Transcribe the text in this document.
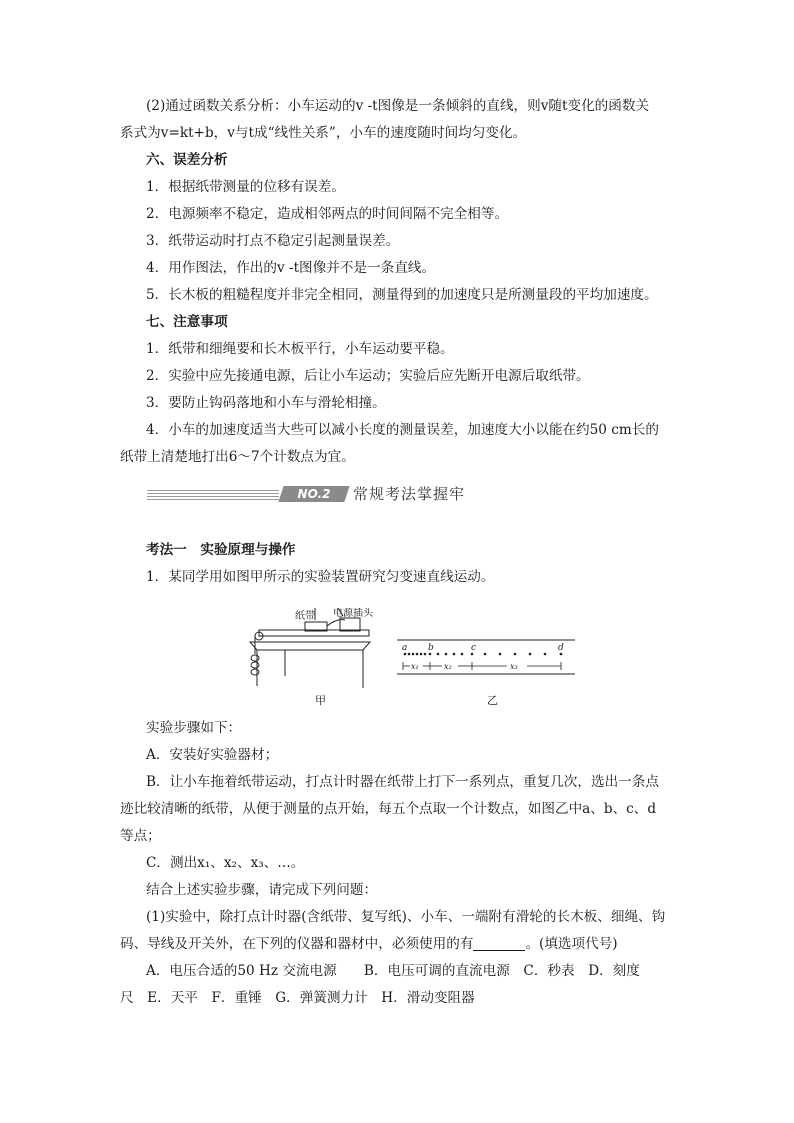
(2)通过函数关系分析：小车运动的v -t图像是一条倾斜的直线，则v随t变化的函数关
系式为v=kt+b，v与t成“线性关系”，小车的速度随时间均匀变化。
六、误差分析
1．根据纸带测量的位移有误差。
2．电源频率不稳定，造成相邻两点的时间间隔不完全相等。
3．纸带运动时打点不稳定引起测量误差。
4．用作图法，作出的v -t图像并不是一条直线。
5．长木板的粗糙程度并非完全相同，测量得到的加速度只是所测量段的平均加速度。
七、注意事项
1．纸带和细绳要和长木板平行，小车运动要平稳。
2．实验中应先接通电源，后让小车运动；实验后应先断开电源后取纸带。
3．要防止钩码落地和小车与滑轮相撞。
4．小车的加速度适当大些可以减小长度的测量误差，加速度大小以能在约50 cm长的
纸带上清楚地打出6～7个计数点为宜。
NO.2	常规考法掌握牢
考法一　实验原理与操作
1．某同学用如图甲所示的实验装置研究匀变速直线运动。
纸带 电源插头
a b	c	d
x₁	x₂	x₃
甲	乙
实验步骤如下：
A．安装好实验器材；
B．让小车拖着纸带运动，打点计时器在纸带上打下一系列点，重复几次，选出一条点
迹比较清晰的纸带，从便于测量的点开始，每五个点取一个计数点，如图乙中a、b、c、d
等点；
C．测出x₁、x₂、x₃、…。
结合上述实验步骤，请完成下列问题：
(1)实验中，除打点计时器(含纸带、复写纸)、小车、一端附有滑轮的长木板、细绳、钩
码、导线及开关外，在下列的仪器和器材中，必须使用的有	。(填选项代号)
A．电压合适的50 Hz 交流电源　　B．电压可调的直流电源　C．秒表　D．刻度
尺　E．天平　F．重锤　G．弹簧测力计　H．滑动变阻器
